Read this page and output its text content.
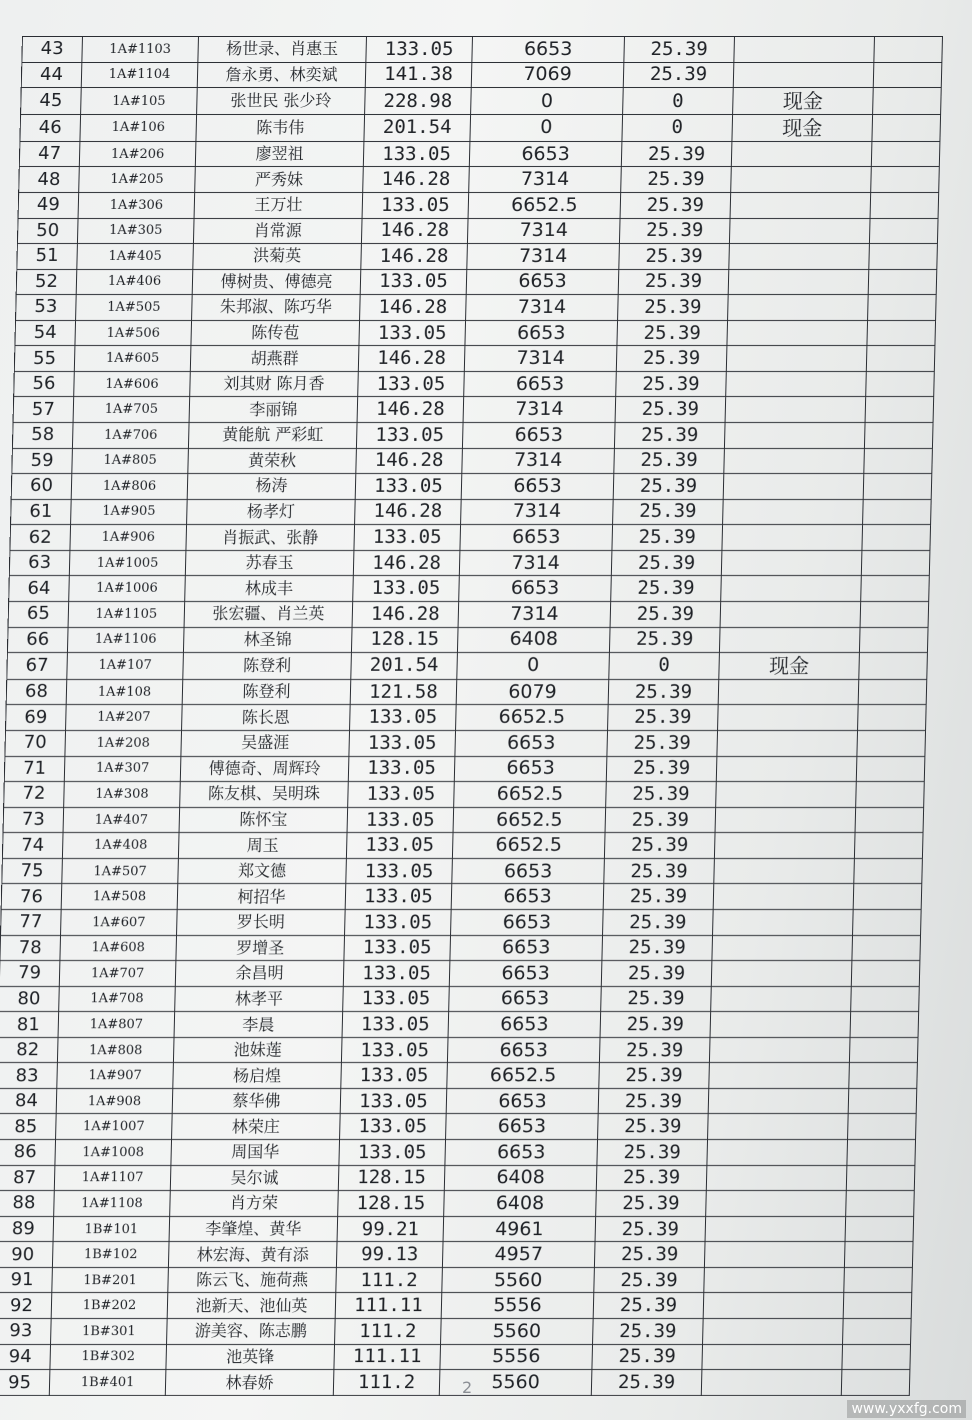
43	1A#1103	杨世录、肖惠玉	133.05	6653	25.39		
44	1A#1104	詹永勇、林奕斌	141.38	7069	25.39		
45	1A#105	张世民 张少玲	228.98	0	0	现金	
46	1A#106	陈韦伟	201.54	0	0	现金	
47	1A#206	廖翌祖	133.05	6653	25.39		
48	1A#205	严秀妹	146.28	7314	25.39		
49	1A#306	王万壮	133.05	6652.5	25.39		
50	1A#305	肖常源	146.28	7314	25.39		
51	1A#405	洪菊英	146.28	7314	25.39		
52	1A#406	傅树贵、傅德亮	133.05	6653	25.39		
53	1A#505	朱邦淑、陈巧华	146.28	7314	25.39		
54	1A#506	陈传苞	133.05	6653	25.39		
55	1A#605	胡燕群	146.28	7314	25.39		
56	1A#606	刘其财 陈月香	133.05	6653	25.39		
57	1A#705	李丽锦	146.28	7314	25.39		
58	1A#706	黄能航 严彩虹	133.05	6653	25.39		
59	1A#805	黄荣秋	146.28	7314	25.39		
60	1A#806	杨涛	133.05	6653	25.39		
61	1A#905	杨孝灯	146.28	7314	25.39		
62	1A#906	肖振武、张静	133.05	6653	25.39		
63	1A#1005	苏春玉	146.28	7314	25.39		
64	1A#1006	林成丰	133.05	6653	25.39		
65	1A#1105	张宏疆、肖兰英	146.28	7314	25.39		
66	1A#1106	林圣锦	128.15	6408	25.39		
67	1A#107	陈登利	201.54	0	0	现金	
68	1A#108	陈登利	121.58	6079	25.39		
69	1A#207	陈长恩	133.05	6652.5	25.39		
70	1A#208	吴盛涯	133.05	6653	25.39		
71	1A#307	傅德奇、周辉玲	133.05	6653	25.39		
72	1A#308	陈友棋、吴明珠	133.05	6652.5	25.39		
73	1A#407	陈怀宝	133.05	6652.5	25.39		
74	1A#408	周玉	133.05	6652.5	25.39		
75	1A#507	郑文德	133.05	6653	25.39		
76	1A#508	柯招华	133.05	6653	25.39		
77	1A#607	罗长明	133.05	6653	25.39		
78	1A#608	罗增圣	133.05	6653	25.39		
79	1A#707	余昌明	133.05	6653	25.39		
80	1A#708	林孝平	133.05	6653	25.39		
81	1A#807	李晨	133.05	6653	25.39		
82	1A#808	池妹莲	133.05	6653	25.39		
83	1A#907	杨启煌	133.05	6652.5	25.39		
84	1A#908	蔡华佛	133.05	6653	25.39		
85	1A#1007	林荣庄	133.05	6653	25.39		
86	1A#1008	周国华	133.05	6653	25.39		
87	1A#1107	吴尔诚	128.15	6408	25.39		
88	1A#1108	肖方荣	128.15	6408	25.39		
89	1B#101	李肇煌、黄华	99.21	4961	25.39		
90	1B#102	林宏海、黄有添	99.13	4957	25.39		
91	1B#201	陈云飞、施荷燕	111.2	5560	25.39		
92	1B#202	池新天、池仙英	111.11	5556	25.39		
93	1B#301	游美容、陈志鹏	111.2	5560	25.39		
94	1B#302	池英锋	111.11	5556	25.39		
95	1B#401	林春娇	111.2	5560	25.39		
2
www.yxxfg.com
